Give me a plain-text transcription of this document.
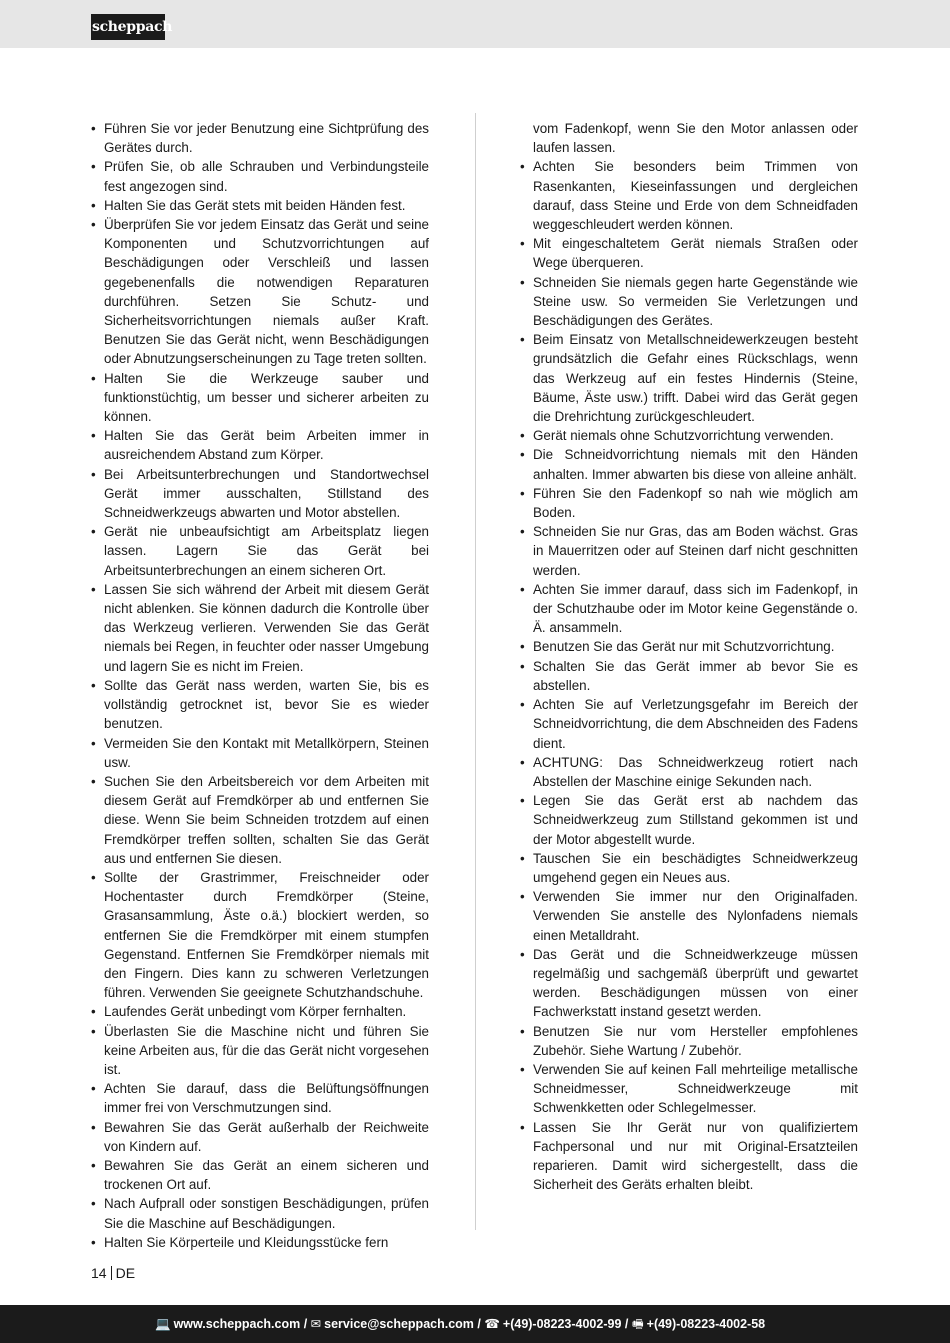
scheppach
• Führen Sie vor jeder Benutzung eine Sichtprüfung des Gerätes durch.
• Prüfen Sie, ob alle Schrauben und Verbindungsteile fest angezogen sind.
• Halten Sie das Gerät stets mit beiden Händen fest.
• Überprüfen Sie vor jedem Einsatz das Gerät und seine Komponenten und Schutzvorrichtungen auf Beschädigungen oder Verschleiß und lassen gegebenenfalls die notwendigen Reparaturen durchführen. Setzen Sie Schutz- und Sicherheitsvorrichtungen niemals außer Kraft. Benutzen Sie das Gerät nicht, wenn Beschädigungen oder Abnutzungserscheinungen zu Tage treten sollten.
• Halten Sie die Werkzeuge sauber und funktionstüchtig, um besser und sicherer arbeiten zu können.
• Halten Sie das Gerät beim Arbeiten immer in ausreichendem Abstand zum Körper.
• Bei Arbeitsunterbrechungen und Standortwechsel Gerät immer ausschalten, Stillstand des Schneidwerkzeugs abwarten und Motor abstellen.
• Gerät nie unbeaufsichtigt am Arbeitsplatz liegen lassen. Lagern Sie das Gerät bei Arbeitsunterbrechungen an einem sicheren Ort.
• Lassen Sie sich während der Arbeit mit diesem Gerät nicht ablenken. Sie können dadurch die Kontrolle über das Werkzeug verlieren. Verwenden Sie das Gerät niemals bei Regen, in feuchter oder nasser Umgebung und lagern Sie es nicht im Freien.
• Sollte das Gerät nass werden, warten Sie, bis es vollständig getrocknet ist, bevor Sie es wieder benutzen.
• Vermeiden Sie den Kontakt mit Metallkörpern, Steinen usw.
• Suchen Sie den Arbeitsbereich vor dem Arbeiten mit diesem Gerät auf Fremdkörper ab und entfernen Sie diese. Wenn Sie beim Schneiden trotzdem auf einen Fremdkörper treffen sollten, schalten Sie das Gerät aus und entfernen Sie diesen.
• Sollte der Grastrimmer, Freischneider oder Hochentaster durch Fremdkörper (Steine, Grasansammlung, Äste o.ä.) blockiert werden, so entfernen Sie die Fremdkörper mit einem stumpfen Gegenstand. Entfernen Sie Fremdkörper niemals mit den Fingern. Dies kann zu schweren Verletzungen führen. Verwenden Sie geeignete Schutzhandschuhe.
• Laufendes Gerät unbedingt vom Körper fernhalten.
• Überlasten Sie die Maschine nicht und führen Sie keine Arbeiten aus, für die das Gerät nicht vorgesehen ist.
• Achten Sie darauf, dass die Belüftungsöffnungen immer frei von Verschmutzungen sind.
• Bewahren Sie das Gerät außerhalb der Reichweite von Kindern auf.
• Bewahren Sie das Gerät an einem sicheren und trockenen Ort auf.
• Nach Aufprall oder sonstigen Beschädigungen, prüfen Sie die Maschine auf Beschädigungen.
• Halten Sie Körperteile und Kleidungsstücke fern
vom Fadenkopf, wenn Sie den Motor anlassen oder laufen lassen.
• Achten Sie besonders beim Trimmen von Rasenkanten, Kieseinfassungen und dergleichen darauf, dass Steine und Erde von dem Schneidfaden weggeschleudert werden können.
• Mit eingeschaltetem Gerät niemals Straßen oder Wege überqueren.
• Schneiden Sie niemals gegen harte Gegenstände wie Steine usw. So vermeiden Sie Verletzungen und Beschädigungen des Gerätes.
• Beim Einsatz von Metallschneidewerkzeugen besteht grundsätzlich die Gefahr eines Rückschlags, wenn das Werkzeug auf ein festes Hindernis (Steine, Bäume, Äste usw.) trifft. Dabei wird das Gerät gegen die Drehrichtung zurückgeschleudert.
• Gerät niemals ohne Schutzvorrichtung verwenden.
• Die Schneidvorrichtung niemals mit den Händen anhalten. Immer abwarten bis diese von alleine anhält.
• Führen Sie den Fadenkopf so nah wie möglich am Boden.
• Schneiden Sie nur Gras, das am Boden wächst. Gras in Mauerritzen oder auf Steinen darf nicht geschnitten werden.
• Achten Sie immer darauf, dass sich im Fadenkopf, in der Schutzhaube oder im Motor keine Gegenstände o. Ä. ansammeln.
• Benutzen Sie das Gerät nur mit Schutzvorrichtung.
• Schalten Sie das Gerät immer ab bevor Sie es abstellen.
• Achten Sie auf Verletzungsgefahr im Bereich der Schneidvorrichtung, die dem Abschneiden des Fadens dient.
• ACHTUNG: Das Schneidwerkzeug rotiert nach Abstellen der Maschine einige Sekunden nach.
• Legen Sie das Gerät erst ab nachdem das Schneidwerkzeug zum Stillstand gekommen ist und der Motor abgestellt wurde.
• Tauschen Sie ein beschädigtes Schneidwerkzeug umgehend gegen ein Neues aus.
• Verwenden Sie immer nur den Originalfaden. Verwenden Sie anstelle des Nylonfadens niemals einen Metalldraht.
• Das Gerät und die Schneidwerkzeuge müssen regelmäßig und sachgemäß überprüft und gewartet werden. Beschädigungen müssen von einer Fachwerkstatt instand gesetzt werden.
• Benutzen Sie nur vom Hersteller empfohlenes Zubehör. Siehe Wartung / Zubehör.
• Verwenden Sie auf keinen Fall mehrteilige metallische Schneidmesser, Schneidwerkzeuge mit Schwenkketten oder Schlegelmesser.
• Lassen Sie Ihr Gerät nur von qualifiziertem Fachpersonal und nur mit Original-Ersatzteilen reparieren. Damit wird sichergestellt, dass die Sicherheit des Geräts erhalten bleibt.
14 DE
💻 www.scheppach.com / ✉ service@scheppach.com / ☎ +(49)-08223-4002-99 / 🖷 +(49)-08223-4002-58
